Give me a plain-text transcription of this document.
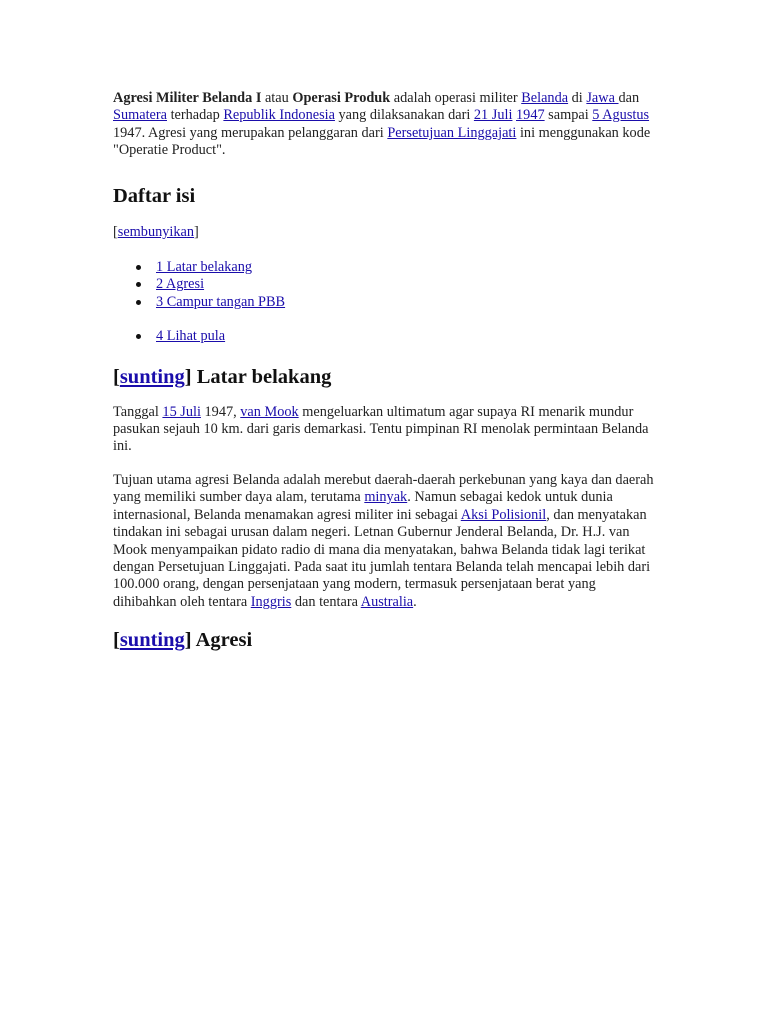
Agresi Militer Belanda I atau Operasi Produk adalah operasi militer Belanda di Jawa dan Sumatera terhadap Republik Indonesia yang dilaksanakan dari 21 Juli 1947 sampai 5 Agustus 1947. Agresi yang merupakan pelanggaran dari Persetujuan Linggajati ini menggunakan kode "Operatie Product".

Daftar isi

[sembunyikan]

1 Latar belakang
2 Agresi
3 Campur tangan PBB
4 Lihat pula
[sunting] Latar belakang

Tanggal 15 Juli 1947, van Mook mengeluarkan ultimatum agar supaya RI menarik mundur pasukan sejauh 10 km. dari garis demarkasi. Tentu pimpinan RI menolak permintaan Belanda ini.

Tujuan utama agresi Belanda adalah merebut daerah-daerah perkebunan yang kaya dan daerah yang memiliki sumber daya alam, terutama minyak. Namun sebagai kedok untuk dunia internasional, Belanda menamakan agresi militer ini sebagai Aksi Polisionil, dan menyatakan tindakan ini sebagai urusan dalam negeri. Letnan Gubernur Jenderal Belanda, Dr. H.J. van Mook menyampaikan pidato radio di mana dia menyatakan, bahwa Belanda tidak lagi terikat dengan Persetujuan Linggajati. Pada saat itu jumlah tentara Belanda telah mencapai lebih dari 100.000 orang, dengan persenjataan yang modern, termasuk persenjataan berat yang dihibahkan oleh tentara Inggris dan tentara Australia.

[sunting] Agresi
